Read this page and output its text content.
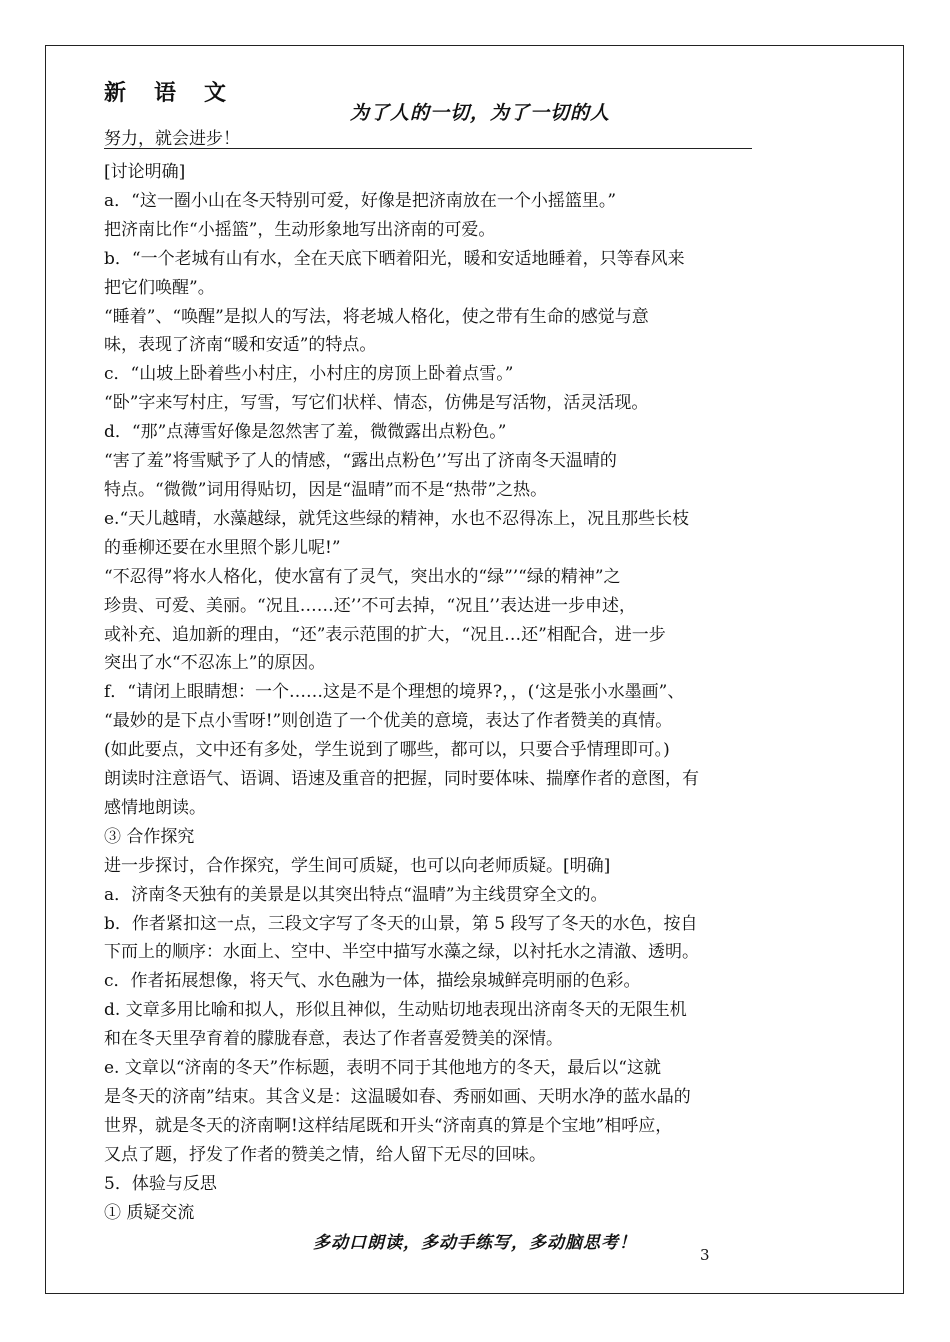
新语文
为了人的一切，为了一切的人
努力，就会进步！
[讨论明确]
a．“这一圈小山在冬天特别可爱，好像是把济南放在一个小摇篮里。”
把济南比作“小摇篮”，生动形象地写出济南的可爱。
b．“一个老城有山有水，全在天底下晒着阳光，暖和安适地睡着，只等春风来
把它们唤醒”。
“睡着”、“唤醒”是拟人的写法，将老城人格化，使之带有生命的感觉与意
味，表现了济南“暖和安适”的特点。
c．“山坡上卧着些小村庄，小村庄的房顶上卧着点雪。”
“卧”字来写村庄，写雪，写它们状样、情态，仿佛是写活物，活灵活现。
d．“那”点薄雪好像是忽然害了羞，微微露出点粉色。”
“害了羞”将雪赋予了人的情感，“露出点粉色’’写出了济南冬天温晴的
特点。“微微”词用得贴切，因是“温晴”而不是“热带”之热。
e.“天儿越晴，水藻越绿，就凭这些绿的精神，水也不忍得冻上，况且那些长枝
的垂柳还要在水里照个影儿呢!”
“不忍得”将水人格化，使水富有了灵气，突出水的“绿”’“绿的精神”之
珍贵、可爱、美丽。“况且……还’’不可去掉，“况且’’表达进一步申述，
或补充、追加新的理由，“还”表示范围的扩大，“况且…还”相配合，进一步
突出了水“不忍冻上”的原因。
f．“请闭上眼睛想：一个……这是不是个理想的境界?，，(‘这是张小水墨画”、
“最妙的是下点小雪呀!”则创造了一个优美的意境，表达了作者赞美的真情。
(如此要点，文中还有多处，学生说到了哪些，都可以，只要合乎情理即可。)
朗读时注意语气、语调、语速及重音的把握，同时要体味、揣摩作者的意图，有
感情地朗读。
③ 合作探究
进一步探讨，合作探究，学生间可质疑，也可以向老师质疑。[明确]
a．济南冬天独有的美景是以其突出特点“温晴”为主线贯穿全文的。
b．作者紧扣这一点，三段文字写了冬天的山景，第 5 段写了冬天的水色，按自
下而上的顺序：水面上、空中、半空中描写水藻之绿，以衬托水之清澈、透明。
c．作者拓展想像，将天气、水色融为一体，描绘泉城鲜亮明丽的色彩。
d. 文章多用比喻和拟人，形似且神似，生动贴切地表现出济南冬天的无限生机
和在冬天里孕育着的朦胧春意，表达了作者喜爱赞美的深情。
e. 文章以“济南的冬天”作标题，表明不同于其他地方的冬天，最后以“这就
是冬天的济南”结束。其含义是：这温暖如春、秀丽如画、天明水净的蓝水晶的
世界，就是冬天的济南啊!这样结尾既和开头“济南真的算是个宝地”相呼应，
又点了题，抒发了作者的赞美之情，给人留下无尽的回味。
5．体验与反思
① 质疑交流
多动口朗读，多动手练写，多动脑思考！
3
